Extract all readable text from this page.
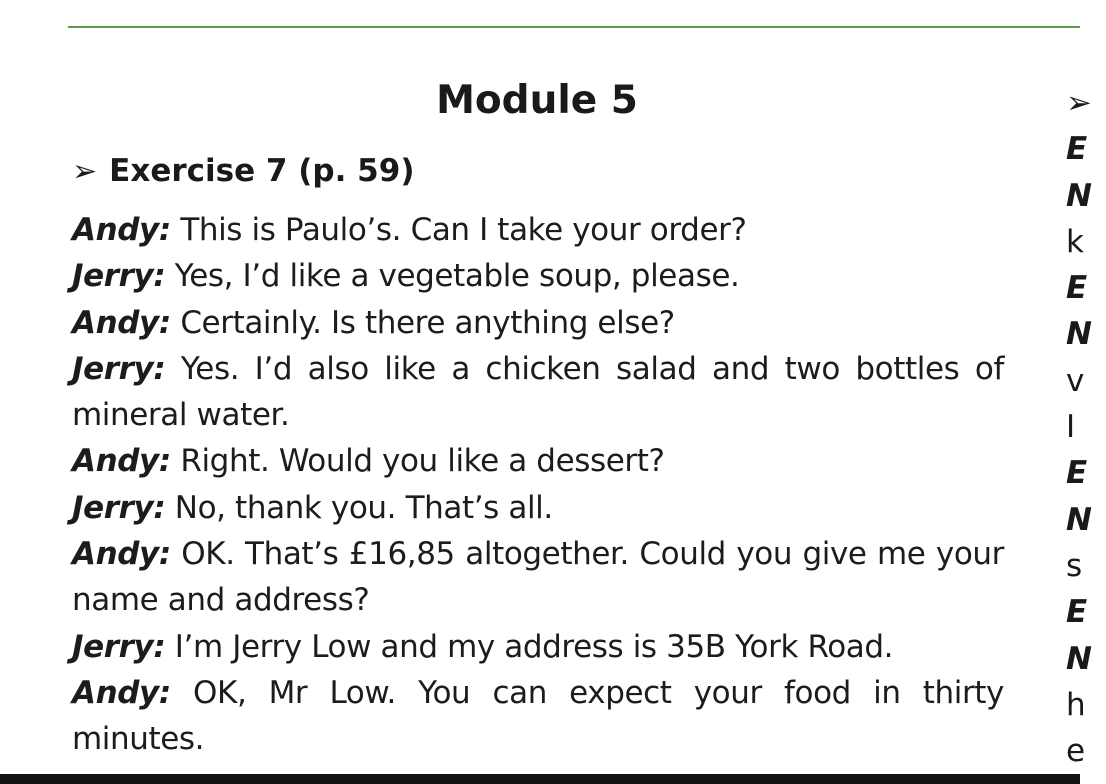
Module 5
➢ Exercise 7 (p. 59)

Andy: This is Paulo’s. Can I take your order?

Jerry: Yes, I’d like a vegetable soup, please.

Andy: Certainly. Is there anything else?

Jerry: Yes. I’d also like a chicken salad and two bottles of mineral water.

Andy: Right. Would you like a dessert?

Jerry: No, thank you. That’s all.

Andy: OK. That’s £16,85 altogether. Could you give me your name and address?

Jerry: I’m Jerry Low and my address is 35B York Road.

Andy: OK, Mr Low. You can expect your food in thirty minutes.

➢
E
N
k
E
N
v
I
E
N
s
E
N
h
e
